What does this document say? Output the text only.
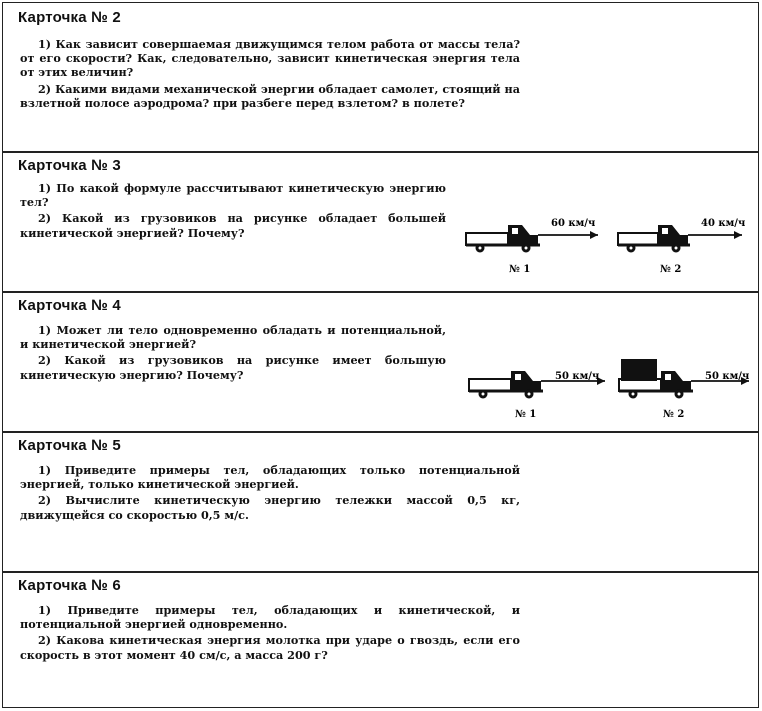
Карточка № 2

1) Как зависит совершаемая движущимся телом работа от массы тела? от его скорости? Как, следовательно, зависит кинетическая энергия тела от этих величин?

2) Какими видами механической энергии обладает самолет, стоящий на взлетной полосе аэродрома? при разбеге перед взлетом? в полете?

Карточка № 3

1) По какой формуле рассчитывают кинетическую энергию тел?

2) Какой из грузовиков на рисунке обладает большей кинетической энергией? Почему?

60 км/ч
№ 1
40 км/ч
№ 2
Карточка № 4

1) Может ли тело одновременно обладать и потенциальной, и кинетической энергией?

2) Какой из грузовиков на рисунке имеет большую кинетическую энергию? Почему?	50 км/ч
№ 1
50 км/ч
№ 2
Карточка № 5

1) Приведите примеры тел, обладающих только потенциальной энергией, только кинетической энергией.

2) Вычислите кинетическую энергию тележки массой 0,5 кг, движущейся со скоростью 0,5 м/с.

Карточка № 6

1) Приведите примеры тел, обладающих и кинетической, и потенциальной энергией одновременно.

2) Какова кинетическая энергия молотка при ударе о гвоздь, если его скорость в этот момент 40 см/с, а масса 200 г?
